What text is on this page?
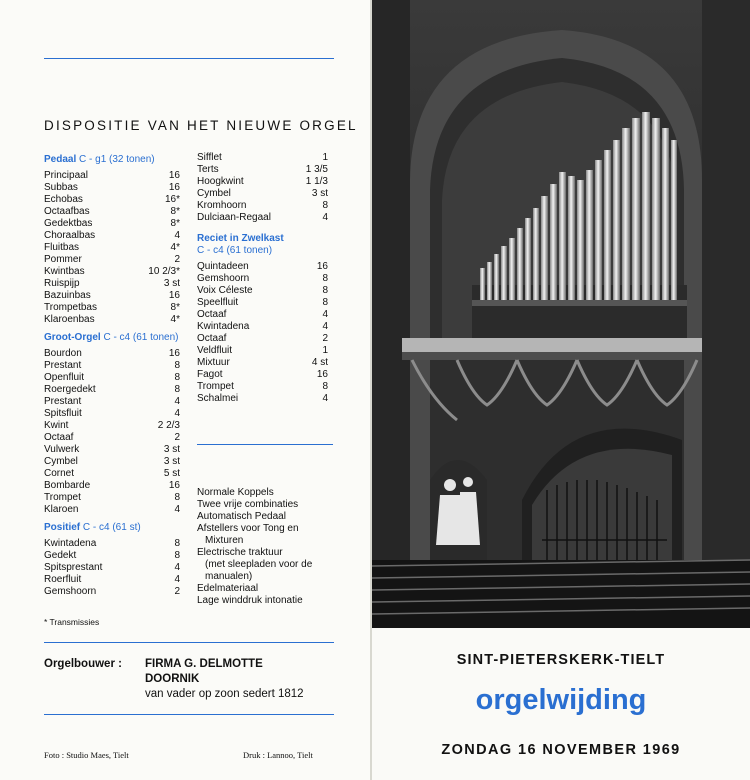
DISPOSITIE VAN HET NIEUWE ORGEL
Pedaal C - g1 (32 tonen)
Principaal	16
Subbas	16
Echobas	16*
Octaafbas	8*
Gedektbas	8*
Choraalbas	4
Fluitbas	4*
Pommer	2
Kwintbas	10 2/3*
Ruispijp	3 st
Bazuinbas	16
Trompetbas	8*
Klaroenbas	4*
Groot-Orgel C - c4 (61 tonen)
Bourdon	16
Prestant	8
Openfluit	8
Roergedekt	8
Prestant	4
Spitsfluit	4
Kwint	2 2/3
Octaaf	2
Vulwerk	3 st
Cymbel	3 st
Cornet	5 st
Bombarde	16
Trompet	8
Klaroen	4
Positief C - c4 (61 st)
Kwintadena	8
Gedekt	8
Spitsprestant	4
Roerfluit	4
Gemshoorn	2
Sifflet	1
Terts	1 3/5
Hoogkwint	1 1/3
Cymbel	3 st
Kromhoorn	8
Dulciaan-Regaal	4
Reciet in Zwelkast
C - c4 (61 tonen)
Quintadeen	16
Gemshoorn	8
Voix Céleste	8
Speelfluit	8
Octaaf	4
Kwintadena	4
Octaaf	2
Veldfluit	1
Mixtuur	4 st
Fagot	16
Trompet	8
Schalmei	4
Normale Koppels
Twee vrije combinaties
Automatisch Pedaal
Afstellers voor Tong en
Mixturen
Electrische traktuur
(met sleepladen voor de
manualen)
Edelmateriaal
Lage winddruk intonatie
* Transmissies
Orgelbouwer : FIRMA G. DELMOTTE
DOORNIK
van vader op zoon sedert 1812
Foto : Studio Maes, Tielt	Druk : Lannoo, Tielt
SINT-PIETERSKERK-TIELT
orgelwijding
ZONDAG 16 NOVEMBER 1969
